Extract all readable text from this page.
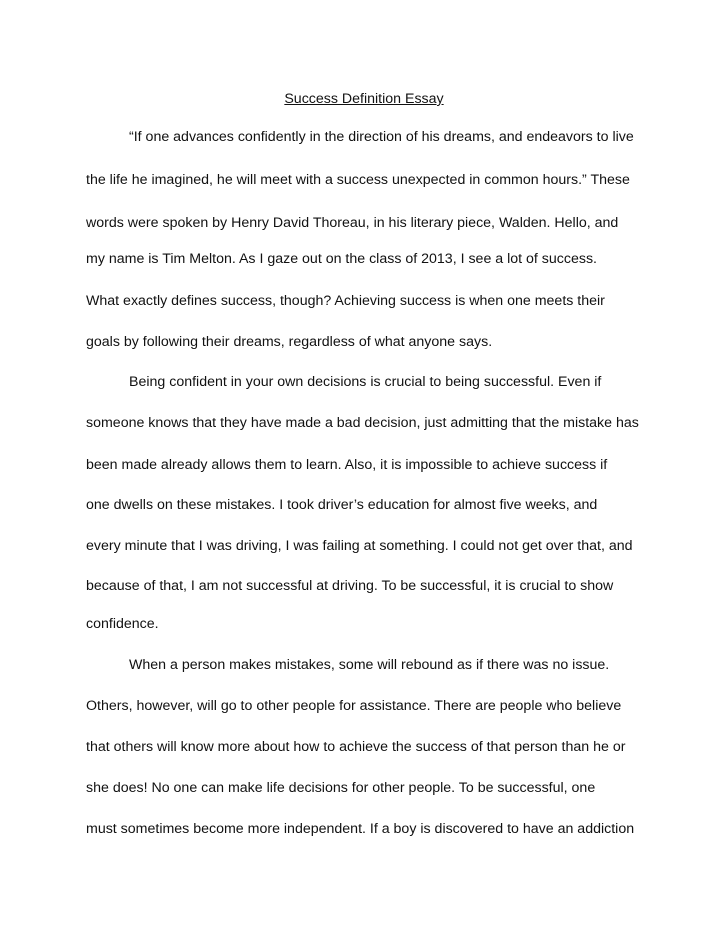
Success Definition Essay
“If one advances confidently in the direction of his dreams, and endeavors to live
the life he imagined, he will meet with a success unexpected in common hours.” These
words were spoken by Henry David Thoreau, in his literary piece, Walden. Hello, and
my name is Tim Melton. As I gaze out on the class of 2013, I see a lot of success.
What exactly defines success, though? Achieving success is when one meets their
goals by following their dreams, regardless of what anyone says.
Being confident in your own decisions is crucial to being successful. Even if
someone knows that they have made a bad decision, just admitting that the mistake has
been made already allows them to learn. Also, it is impossible to achieve success if
one dwells on these mistakes. I took driver’s education for almost five weeks, and
every minute that I was driving, I was failing at something. I could not get over that, and
because of that, I am not successful at driving. To be successful, it is crucial to show
confidence.
When a person makes mistakes, some will rebound as if there was no issue.
Others, however, will go to other people for assistance. There are people who believe
that others will know more about how to achieve the success of that person than he or
she does! No one can make life decisions for other people. To be successful, one
must sometimes become more independent. If a boy is discovered to have an addiction
